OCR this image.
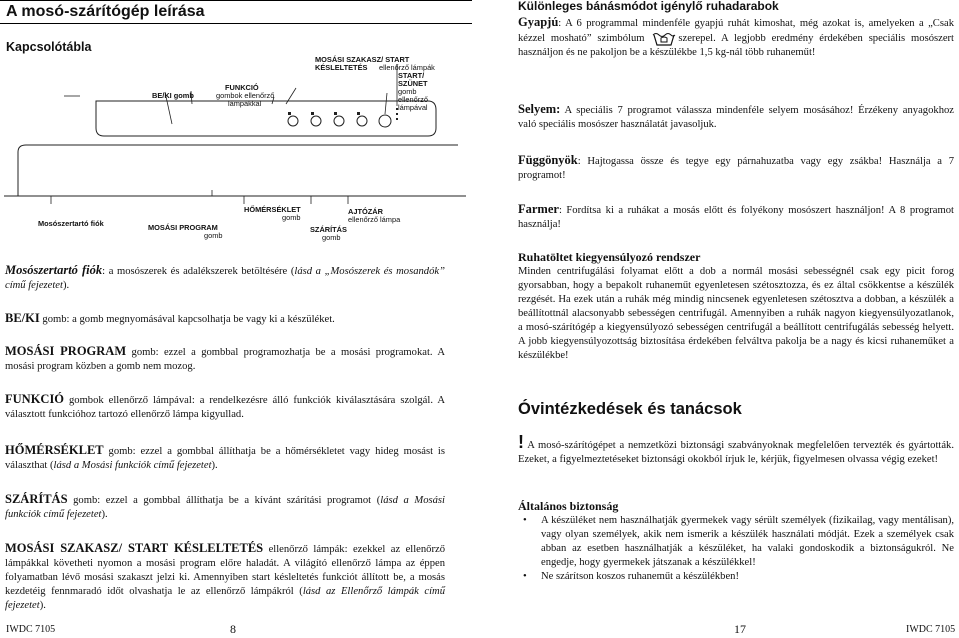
A mosó-szárítógép leírása
Kapcsolótábla
BE/KI gomb
FUNKCIÓ
gombok ellenőrző
lámpákkal
MOSÁSI SZAKASZ/ START
KÉSLELTETÉS ellenőrző lámpák
START/
SZÜNET
gomb
ellenőrző
lámpával
Mosószertartó fiók	MOSÁSI PROGRAM
gomb
HŐMÉRSÉKLET
gomb
SZÁRÍTÁS
gomb
AJTÓZÁR
ellenőrző lámpa

Mosószertartó fiók: a mosószerek és adalékszerek betöltésére (lásd a „Mosószerek és mosandók” című fejezetet).

BE/KI gomb: a gomb megnyomásával kapcsolhatja be vagy ki a készüléket.

MOSÁSI PROGRAM gomb: ezzel a gombbal programozhatja be a mosási programokat. A mosási program közben a gomb nem mozog.

FUNKCIÓ gombok ellenőrző lámpával: a rendelkezésre álló funkciók kiválasztására szolgál. A választott funkcióhoz tartozó ellenőrző lámpa kigyullad.

HŐMÉRSÉKLET gomb: ezzel a gombbal állíthatja be a hőmérsékletet vagy hideg mosást is választhat (lásd a Mosási funkciók című fejezetet).

SZÁRÍTÁS gomb: ezzel a gombbal állíthatja be a kívánt szárítási programot (lásd a Mosási funkciók című fejezetet).

MOSÁSI SZAKASZ/ START KÉSLELTETÉS ellenőrző lámpák: ezekkel az ellenőrző lámpákkal követheti nyomon a mosási program előre haladát. A világító ellenőrző lámpa az éppen folyamatban lévő mosási szakaszt jelzi ki. Amennyiben start késleltetés funkciót állított be, a mosás kezdetéig fennmaradó időt olvashatja le az ellenőrző lámpákról (lásd az Ellenőrző lámpák című fejezetet).

IWDC 7105	8
Különleges bánásmódot igénylő ruhadarabok

Gyapjú: A 6 programmal mindenféle gyapjú ruhát kimoshat, még azokat is, amelyeken a „Csak kézzel mosható” szimbólum	szerepel. A legjobb eredmény érdekében speciális mosószert használjon és ne pakoljon be a készülékbe 1,5 kg-nál több ruhaneműt!

Selyem: A speciális 7 programot válassza mindenféle selyem mosásához! Érzékeny anyagokhoz való speciális mosószer használatát javasoljuk.

Függönyök: Hajtogassa össze és tegye egy párnahuzatba vagy egy zsákba! Használja a 7 programot!

Farmer: Fordítsa ki a ruhákat a mosás előtt és folyékony mosószert használjon! A 8 programot használja!

Ruhatöltet kiegyensúlyozó rendszer

Minden centrifugálási folyamat előtt a dob a normál mosási sebességnél csak egy picit forog gyorsabban, hogy a bepakolt ruhaneműt egyenletesen szétosztozza, és ez által csökkentse a készülék rezgését. Ha ezek után a ruhák még mindig nincsenek egyenletesen szétosztva a dobban, a készülék a beállítottnál alacsonyabb sebességen centrifugál. Amennyiben a ruhák nagyon kiegyensúlyozatlanok, a mosó-szárítógép a kiegyensúlyozó sebességen centrifugál a beállított centrifugálás sebesség helyett. A jobb kiegyensúlyozottság biztosítása érdekében felváltva pakolja be a nagy és kicsi ruhaneműket a készülékbe!

Óvintézkedések és tanácsok

! A mosó-szárítógépet a nemzetközi biztonsági szabványoknak megfelelően tervezték és gyártották. Ezeket, a figyelmeztetéseket biztonsági okokból írjuk le, kérjük, figyelmesen olvassa végig ezeket!

Általános biztonság
• A készüléket nem használhatják gyermekek vagy sérült személyek (fizikailag, vagy mentálisan), vagy olyan személyek, akik nem ismerik a készülék használati módját. Ezek a személyek csak abban az esetben használhatják a készüléket, ha valaki gondoskodik a biztonságukról. Ne engedje, hogy gyermekek játszanak a készülékkel!
• Ne szárítson koszos ruhaneműt a készülékben!
17	IWDC 7105
